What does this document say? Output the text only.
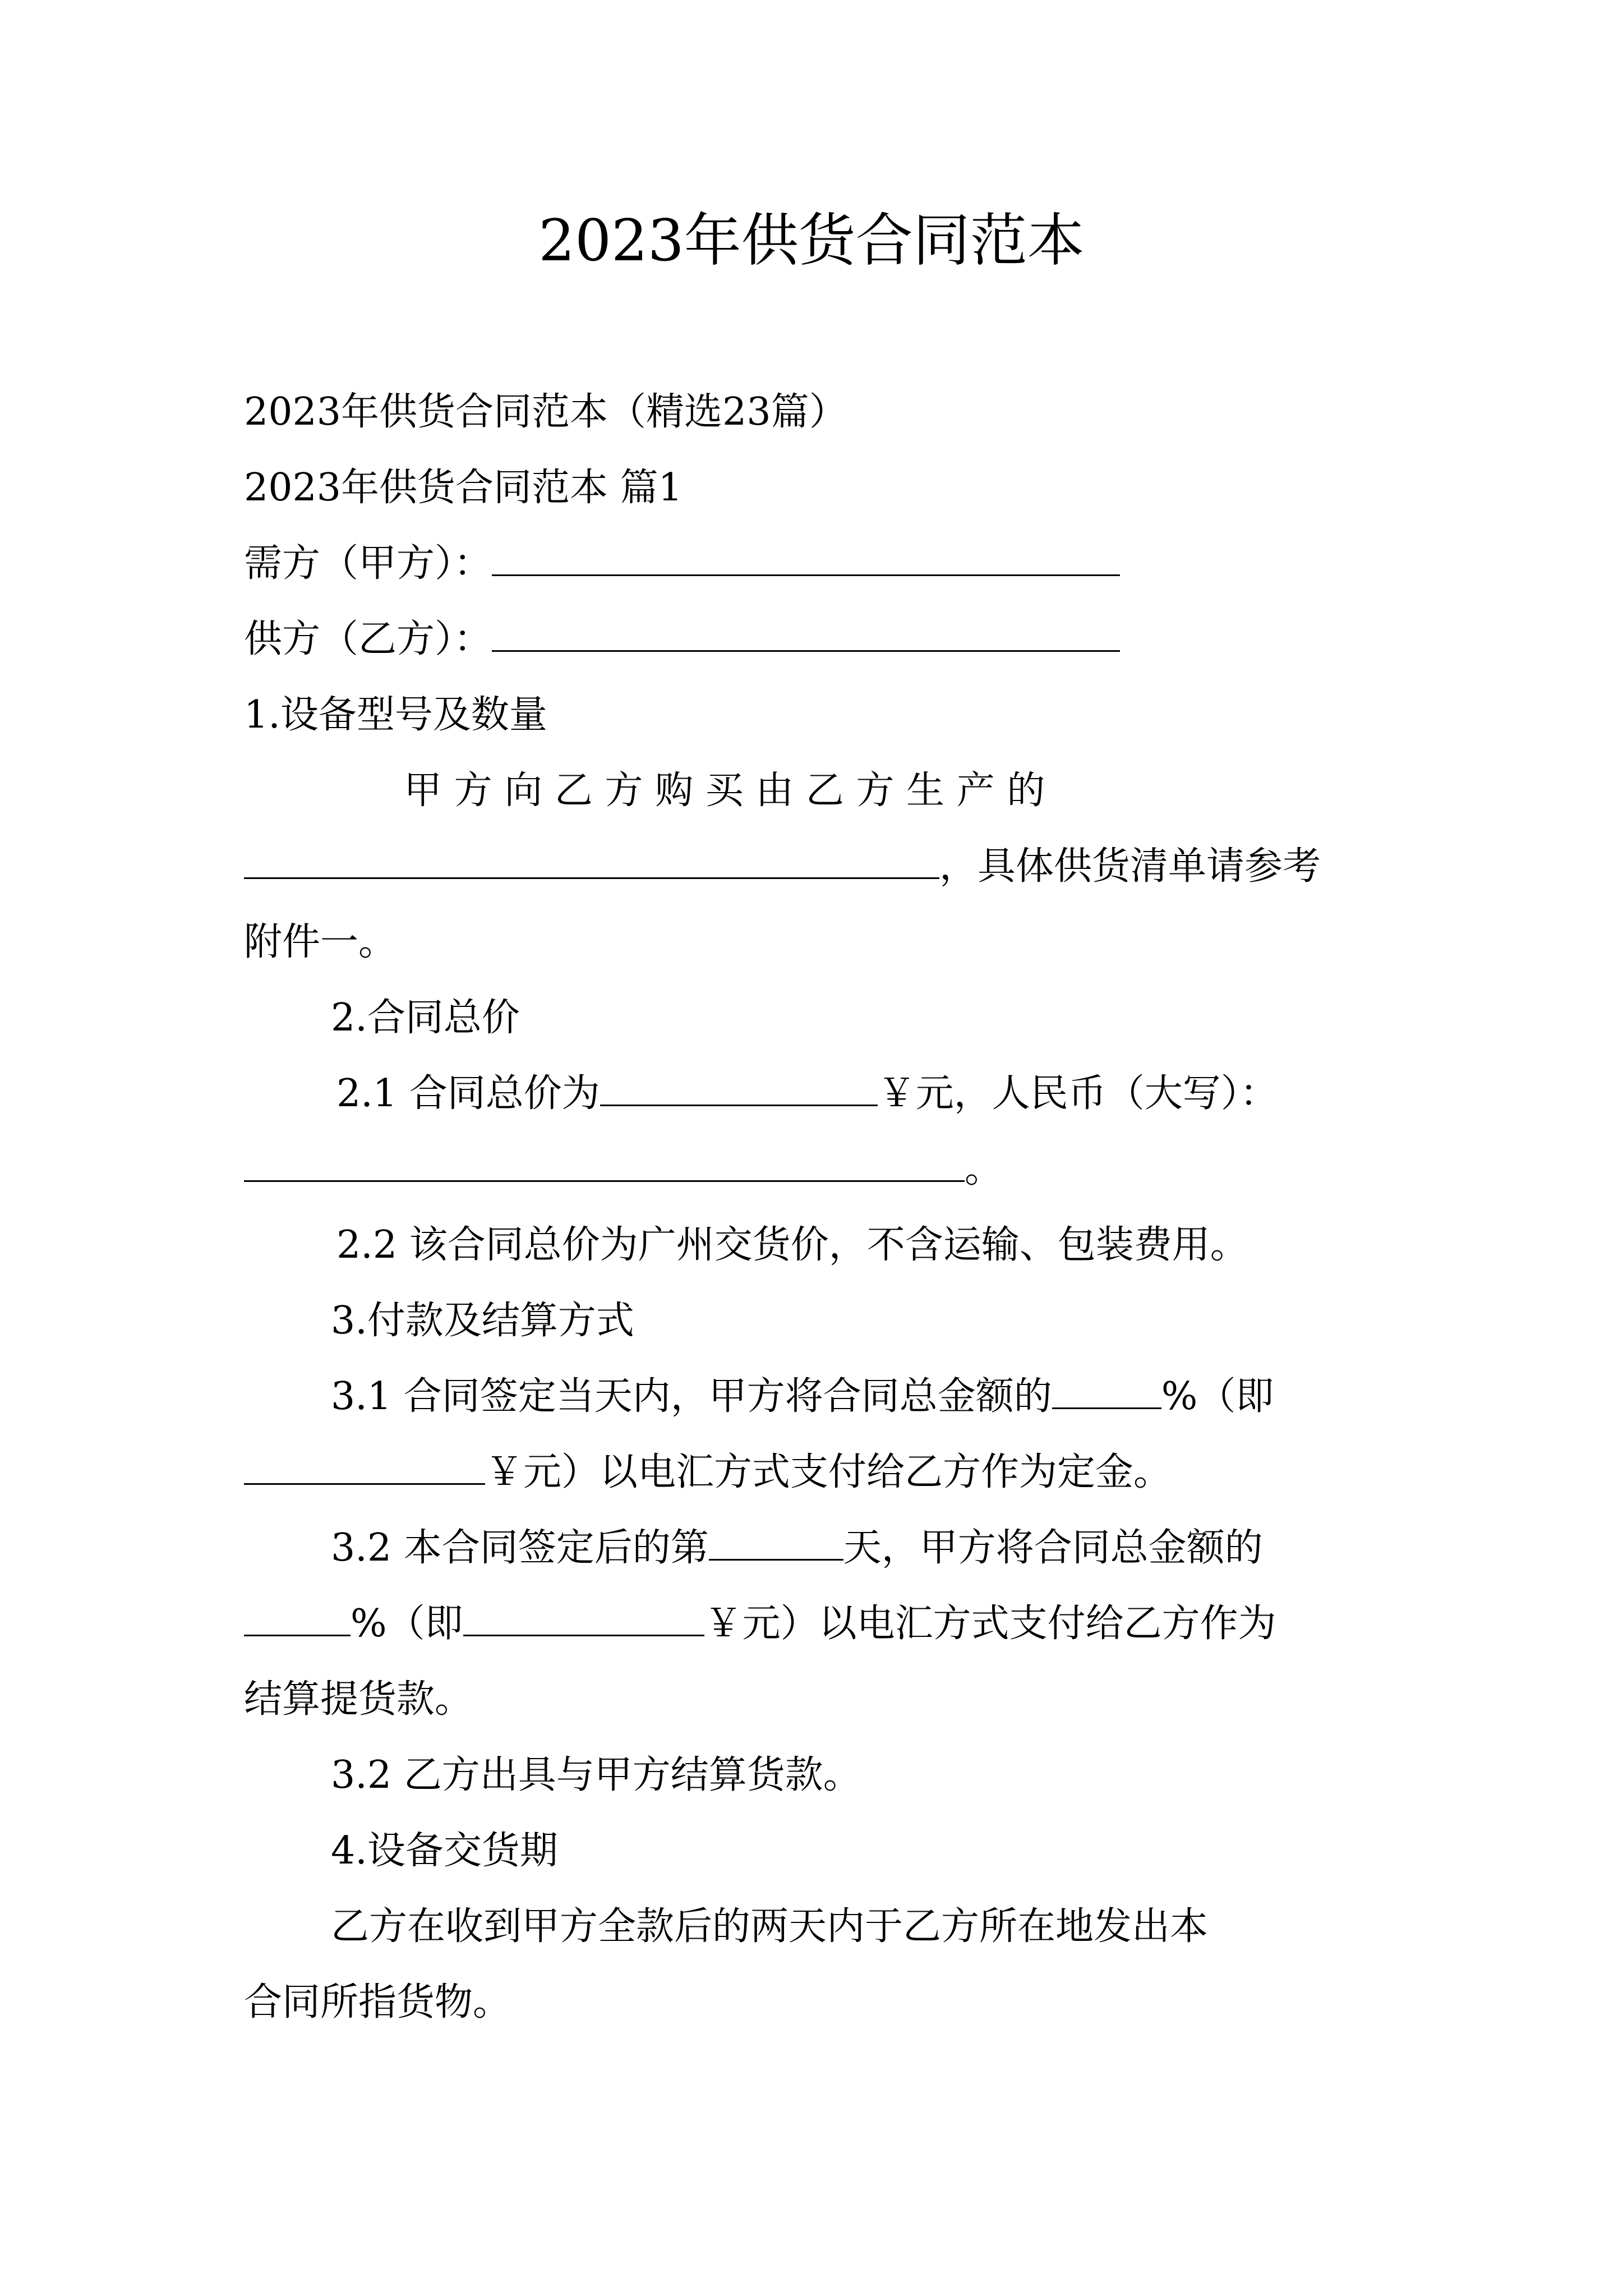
2023年供货合同范本
2023年供货合同范本（精选23篇）
2023年供货合同范本 篇1
需方（甲方）：
供方（乙方）：
1.设备型号及数量
甲 方 向 乙 方 购 买 由 乙 方 生 产 的
，具体供货清单请参考
附件一。
2.合同总价
2.1 合同总价为	￥元，人民币（大写）：
。
2.2 该合同总价为广州交货价，不含运输、包装费用。
3.付款及结算方式
3.1 合同签定当天内，甲方将合同总金额的	%（即
￥元）以电汇方式支付给乙方作为定金。
3.2 本合同签定后的第	天，甲方将合同总金额的
%（即	￥元）以电汇方式支付给乙方作为
结算提货款。
3.2 乙方出具与甲方结算货款。
4.设备交货期
乙方在收到甲方全款后的两天内于乙方所在地发出本
合同所指货物。
